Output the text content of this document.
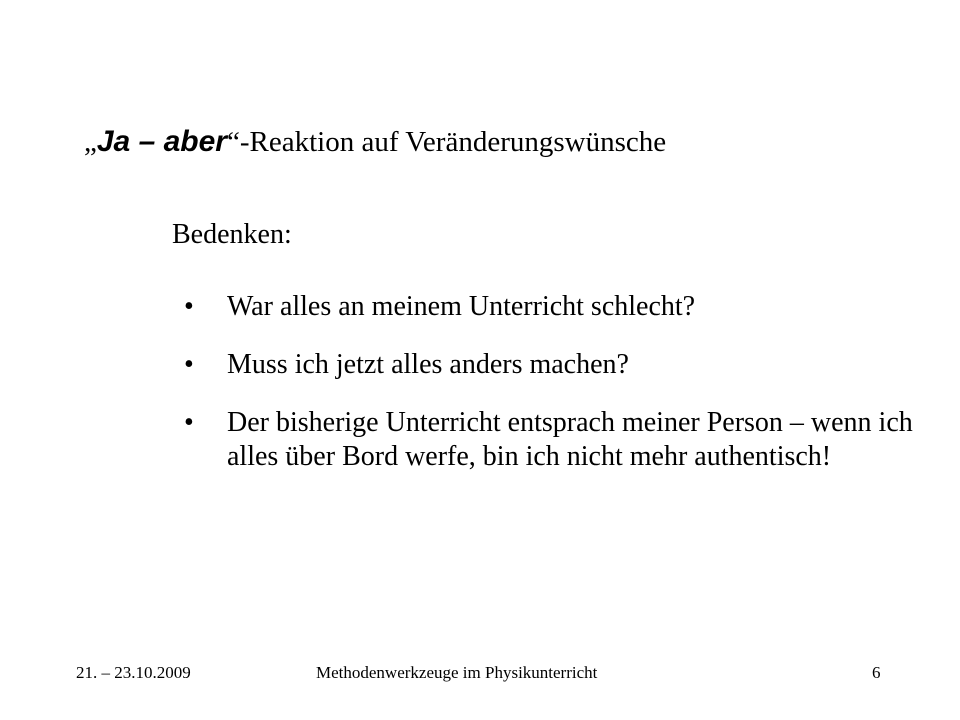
„Ja – aber“-Reaktion auf Veränderungswünsche
Bedenken:
•	War alles an meinem Unterricht schlecht?
•	Muss ich jetzt alles anders machen?
•	Der bisherige Unterricht entsprach meiner Person – wenn ich alles über Bord werfe, bin ich nicht mehr authentisch!
21. – 23.10.2009	Methodenwerkzeuge im Physikunterricht	6
